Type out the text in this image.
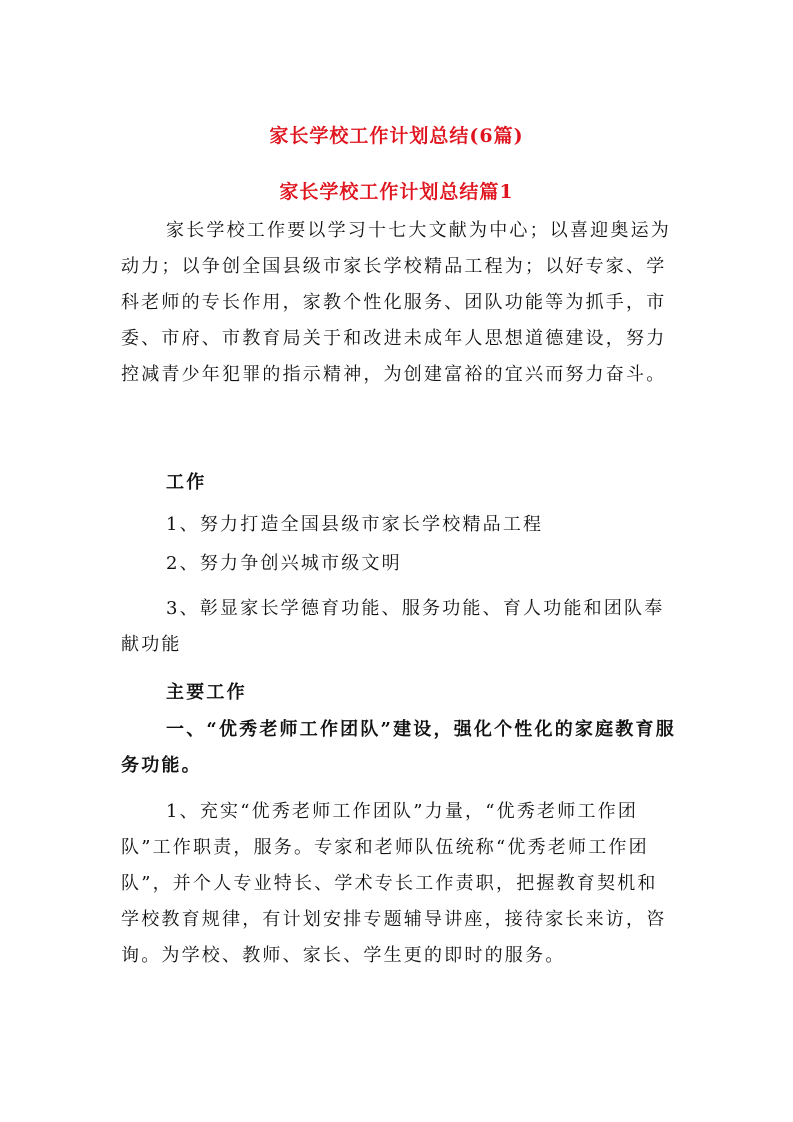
家长学校工作计划总结(6篇)
家长学校工作计划总结篇1

家长学校工作要以学习十七大文献为中心；以喜迎奥运为动力；以争创全国县级市家长学校精品工程为；以好专家、学科老师的专长作用，家教个性化服务、团队功能等为抓手，市委、市府、市教育局关于和改进未成年人思想道德建设，努力控减青少年犯罪的指示精神，为创建富裕的宜兴而努力奋斗。

工作

1、努力打造全国县级市家长学校精品工程

2、努力争创兴城市级文明

3、彰显家长学德育功能、服务功能、育人功能和团队奉献功能

主要工作

一、“优秀老师工作团队”建设，强化个性化的家庭教育服务功能。

1、充实“优秀老师工作团队”力量，“优秀老师工作团队”工作职责，服务。专家和老师队伍统称“优秀老师工作团队”，并个人专业特长、学术专长工作责职，把握教育契机和学校教育规律，有计划安排专题辅导讲座，接待家长来访，咨询。为学校、教师、家长、学生更的即时的服务。
